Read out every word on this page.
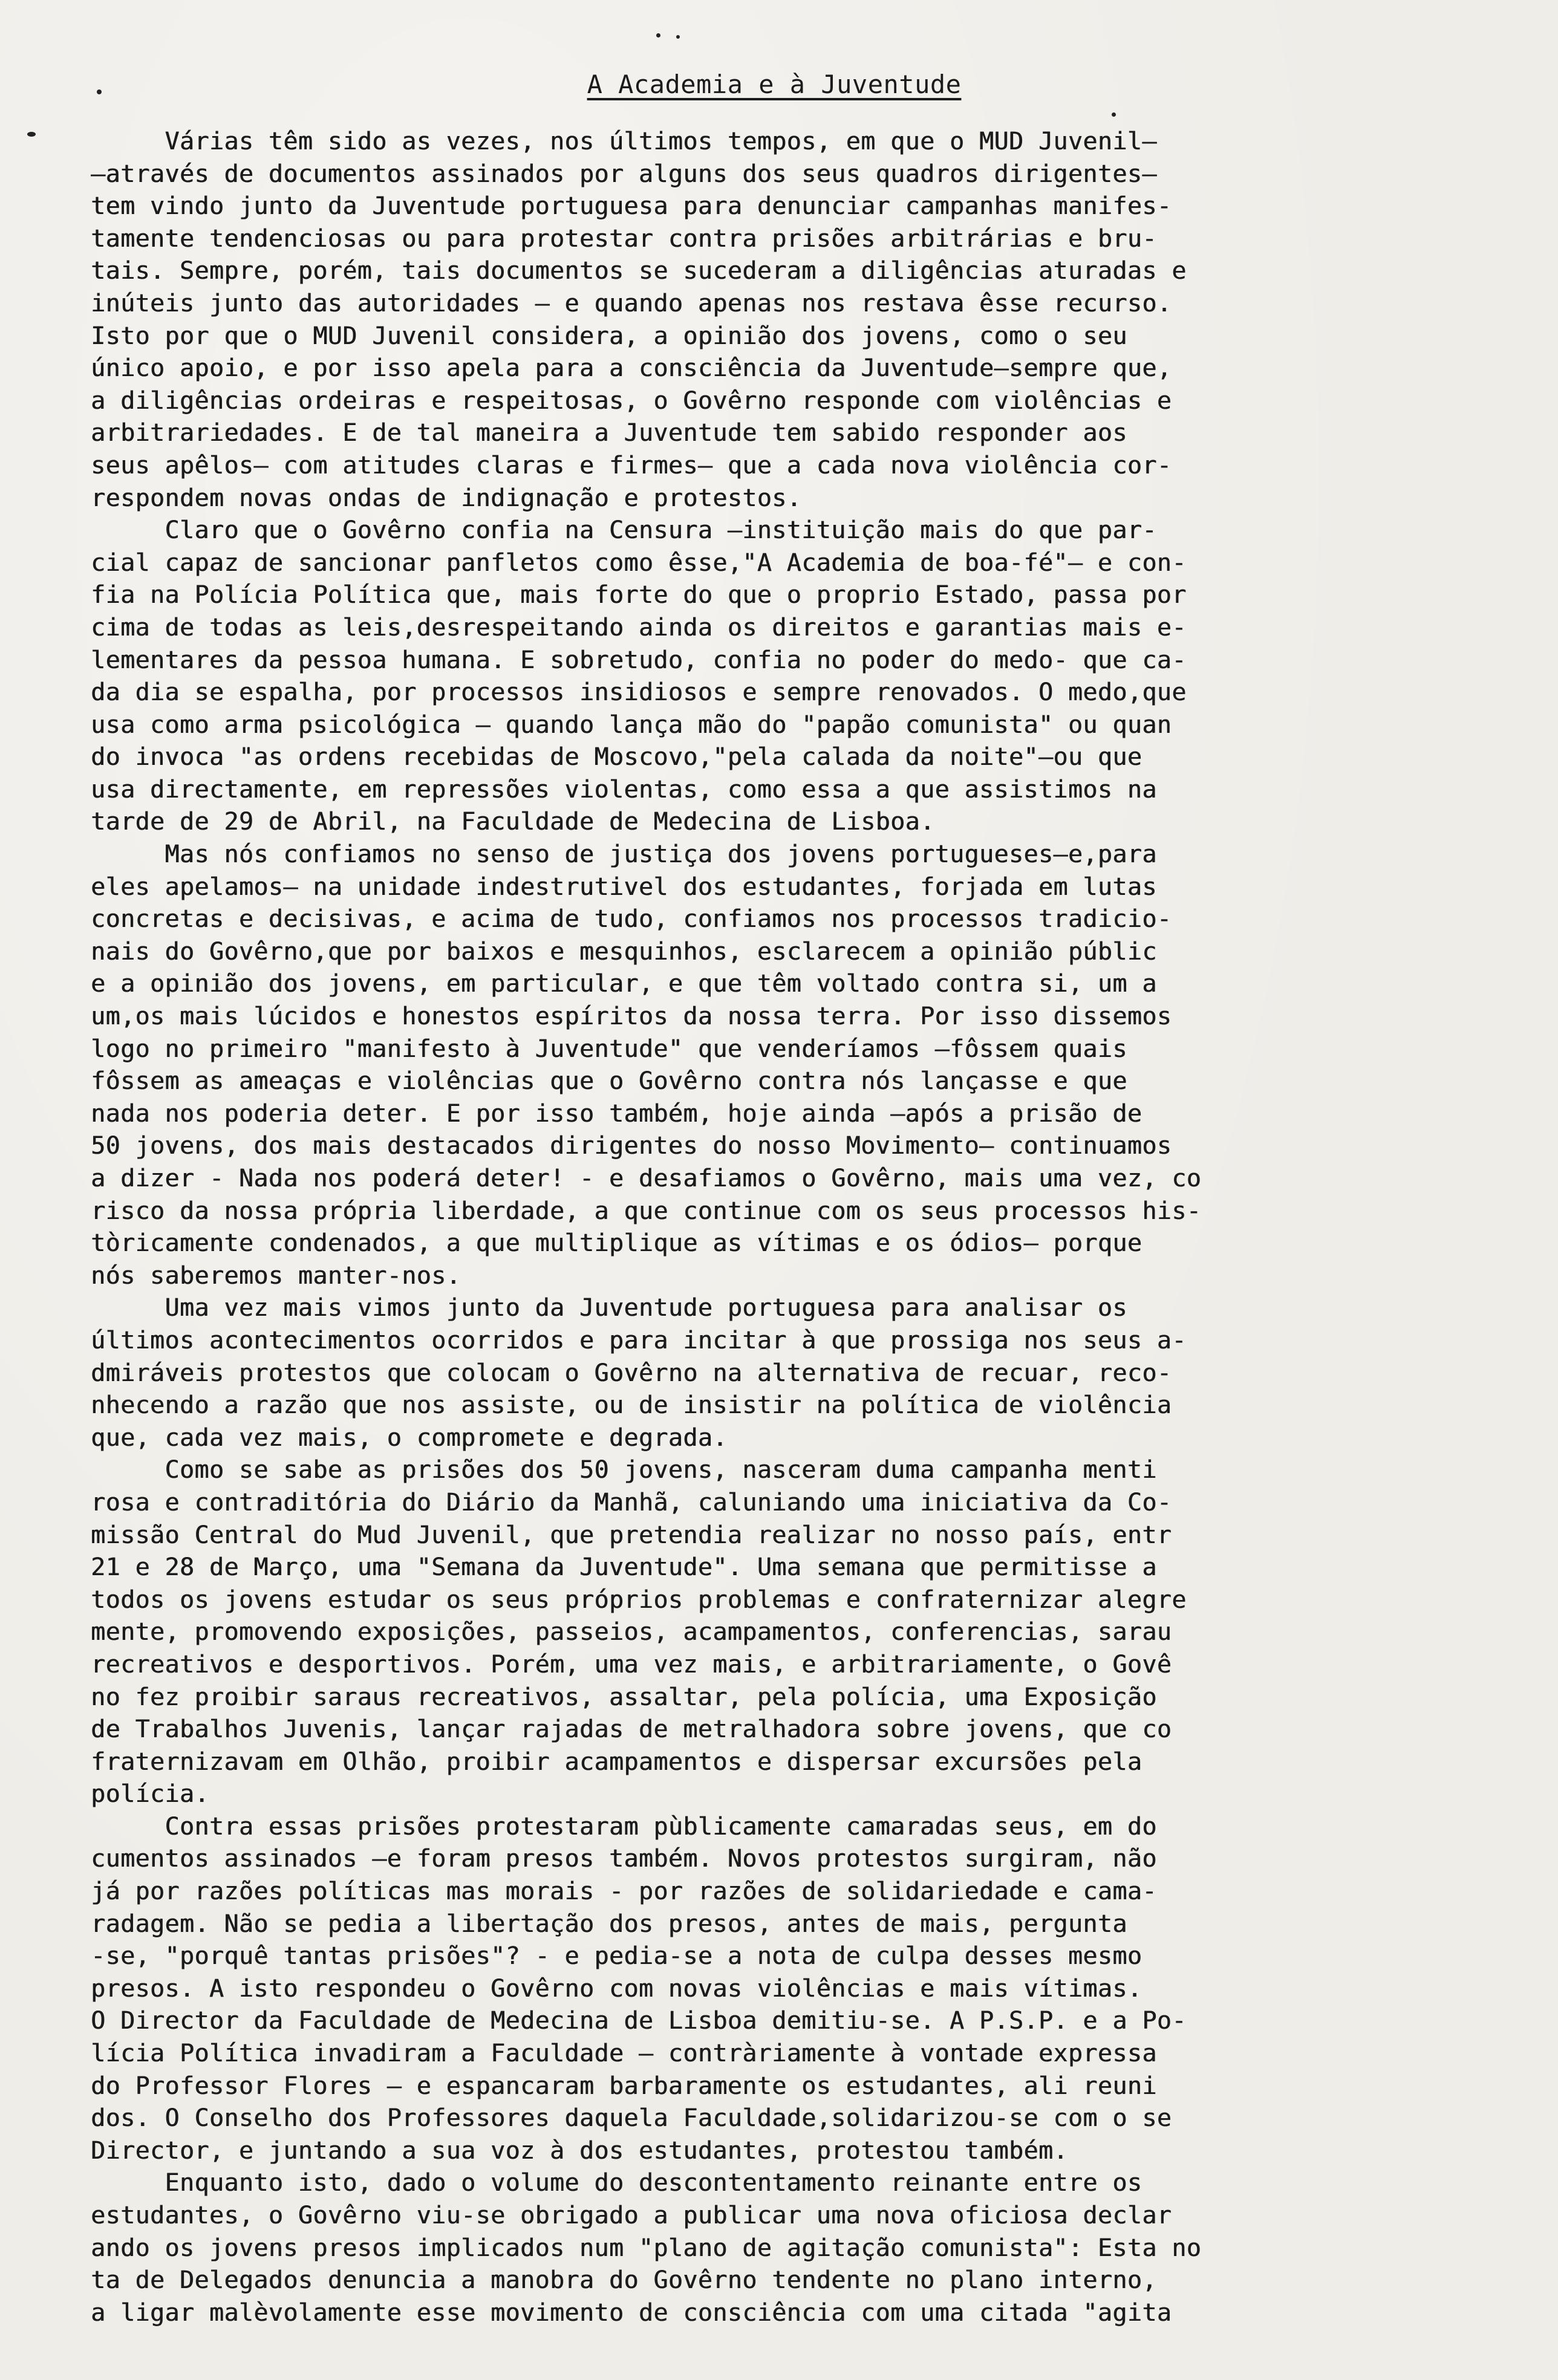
A Academia e à Juventude
Várias têm sido as vezes, nos últimos tempos, em que o MUD Juvenil—
—através de documentos assinados por alguns dos seus quadros dirigentes—
tem vindo junto da Juventude portuguesa para denunciar campanhas manifes-
tamente tendenciosas ou para protestar contra prisões arbitrárias e bru-
tais. Sempre, porém, tais documentos se sucederam a diligências aturadas e
inúteis junto das autoridades — e quando apenas nos restava êsse recurso.
Isto por que o MUD Juvenil considera, a opinião dos jovens, como o seu
único apoio, e por isso apela para a consciência da Juventude—sempre que,
a diligências ordeiras e respeitosas, o Govêrno responde com violências e
arbitrariedades. E de tal maneira a Juventude tem sabido responder aos
seus apêlos— com atitudes claras e firmes— que a cada nova violência cor-
respondem novas ondas de indignação e protestos.
Claro que o Govêrno confia na Censura —instituição mais do que par-
cial capaz de sancionar panfletos como êsse,"A Academia de boa-fé"— e con-
fia na Polícia Política que, mais forte do que o proprio Estado, passa por
cima de todas as leis,desrespeitando ainda os direitos e garantias mais e-
lementares da pessoa humana. E sobretudo, confia no poder do medo- que ca-
da dia se espalha, por processos insidiosos e sempre renovados. O medo,que
usa como arma psicológica — quando lança mão do "papão comunista" ou quan
do invoca "as ordens recebidas de Moscovo,"pela calada da noite"—ou que
usa directamente, em repressões violentas, como essa a que assistimos na
tarde de 29 de Abril, na Faculdade de Medecina de Lisboa.
Mas nós confiamos no senso de justiça dos jovens portugueses—e,para
eles apelamos— na unidade indestrutivel dos estudantes, forjada em lutas
concretas e decisivas, e acima de tudo, confiamos nos processos tradicio-
nais do Govêrno,que por baixos e mesquinhos, esclarecem a opinião públic
e a opinião dos jovens, em particular, e que têm voltado contra si, um a
um,os mais lúcidos e honestos espíritos da nossa terra. Por isso dissemos
logo no primeiro "manifesto à Juventude" que venderíamos —fôssem quais
fôssem as ameaças e violências que o Govêrno contra nós lançasse e que
nada nos poderia deter. E por isso também, hoje ainda —após a prisão de
50 jovens, dos mais destacados dirigentes do nosso Movimento— continuamos
a dizer - Nada nos poderá deter! - e desafiamos o Govêrno, mais uma vez, co
risco da nossa própria liberdade, a que continue com os seus processos his-
tòricamente condenados, a que multiplique as vítimas e os ódios— porque
nós saberemos manter-nos.
Uma vez mais vimos junto da Juventude portuguesa para analisar os
últimos acontecimentos ocorridos e para incitar à que prossiga nos seus a-
dmiráveis protestos que colocam o Govêrno na alternativa de recuar, reco-
nhecendo a razão que nos assiste, ou de insistir na política de violência
que, cada vez mais, o compromete e degrada.
Como se sabe as prisões dos 50 jovens, nasceram duma campanha menti
rosa e contraditória do Diário da Manhã, caluniando uma iniciativa da Co-
missão Central do Mud Juvenil, que pretendia realizar no nosso país, entr
21 e 28 de Março, uma "Semana da Juventude". Uma semana que permitisse a
todos os jovens estudar os seus próprios problemas e confraternizar alegre
mente, promovendo exposições, passeios, acampamentos, conferencias, sarau
recreativos e desportivos. Porém, uma vez mais, e arbitrariamente, o Govê
no fez proibir saraus recreativos, assaltar, pela polícia, uma Exposição
de Trabalhos Juvenis, lançar rajadas de metralhadora sobre jovens, que co
fraternizavam em Olhão, proibir acampamentos e dispersar excursões pela
polícia.
Contra essas prisões protestaram pùblicamente camaradas seus, em do
cumentos assinados —e foram presos também. Novos protestos surgiram, não
já por razões políticas mas morais - por razões de solidariedade e cama-
radagem. Não se pedia a libertação dos presos, antes de mais, pergunta
-se, "porquê tantas prisões"? - e pedia-se a nota de culpa desses mesmo
presos. A isto respondeu o Govêrno com novas violências e mais vítimas.
O Director da Faculdade de Medecina de Lisboa demitiu-se. A P.S.P. e a Po-
lícia Política invadiram a Faculdade — contràriamente à vontade expressa
do Professor Flores — e espancaram barbaramente os estudantes, ali reuni
dos. O Conselho dos Professores daquela Faculdade,solidarizou-se com o se
Director, e juntando a sua voz à dos estudantes, protestou também.
Enquanto isto, dado o volume do descontentamento reinante entre os
estudantes, o Govêrno viu-se obrigado a publicar uma nova oficiosa declar
ando os jovens presos implicados num "plano de agitação comunista": Esta no
ta de Delegados denuncia a manobra do Govêrno tendente no plano interno,
a ligar malèvolamente esse movimento de consciência com uma citada "agita
